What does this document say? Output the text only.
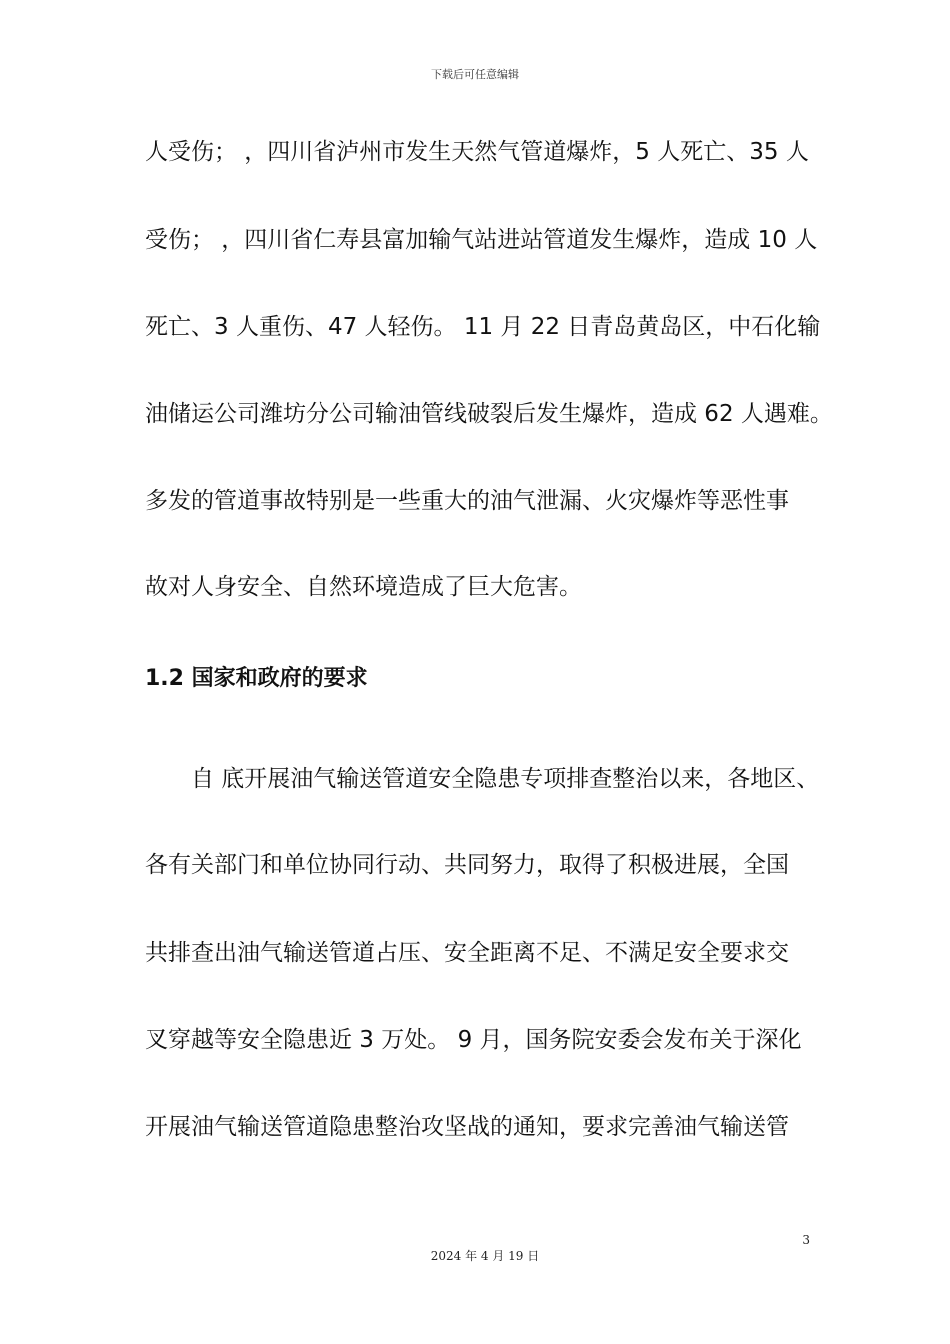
下载后可任意编辑
人受伤； ，四川省泸州市发生天然气管道爆炸，5 人死亡、35 人
受伤； ，四川省仁寿县富加输气站进站管道发生爆炸，造成 10 人
死亡、3 人重伤、47 人轻伤。 11 月 22 日青岛黄岛区，中石化输
油储运公司潍坊分公司输油管线破裂后发生爆炸，造成 62 人遇难。
多发的管道事故特别是一些重大的油气泄漏、火灾爆炸等恶性事
故对人身安全、自然环境造成了巨大危害。
1.2 国家和政府的要求
自 底开展油气输送管道安全隐患专项排查整治以来，各地区、
各有关部门和单位协同行动、共同努力，取得了积极进展，全国
共排查出油气输送管道占压、安全距离不足、不满足安全要求交
叉穿越等安全隐患近 3 万处。 9 月，国务院安委会发布关于深化
开展油气输送管道隐患整治攻坚战的通知，要求完善油气输送管
3
2024 年 4 月 19 日
